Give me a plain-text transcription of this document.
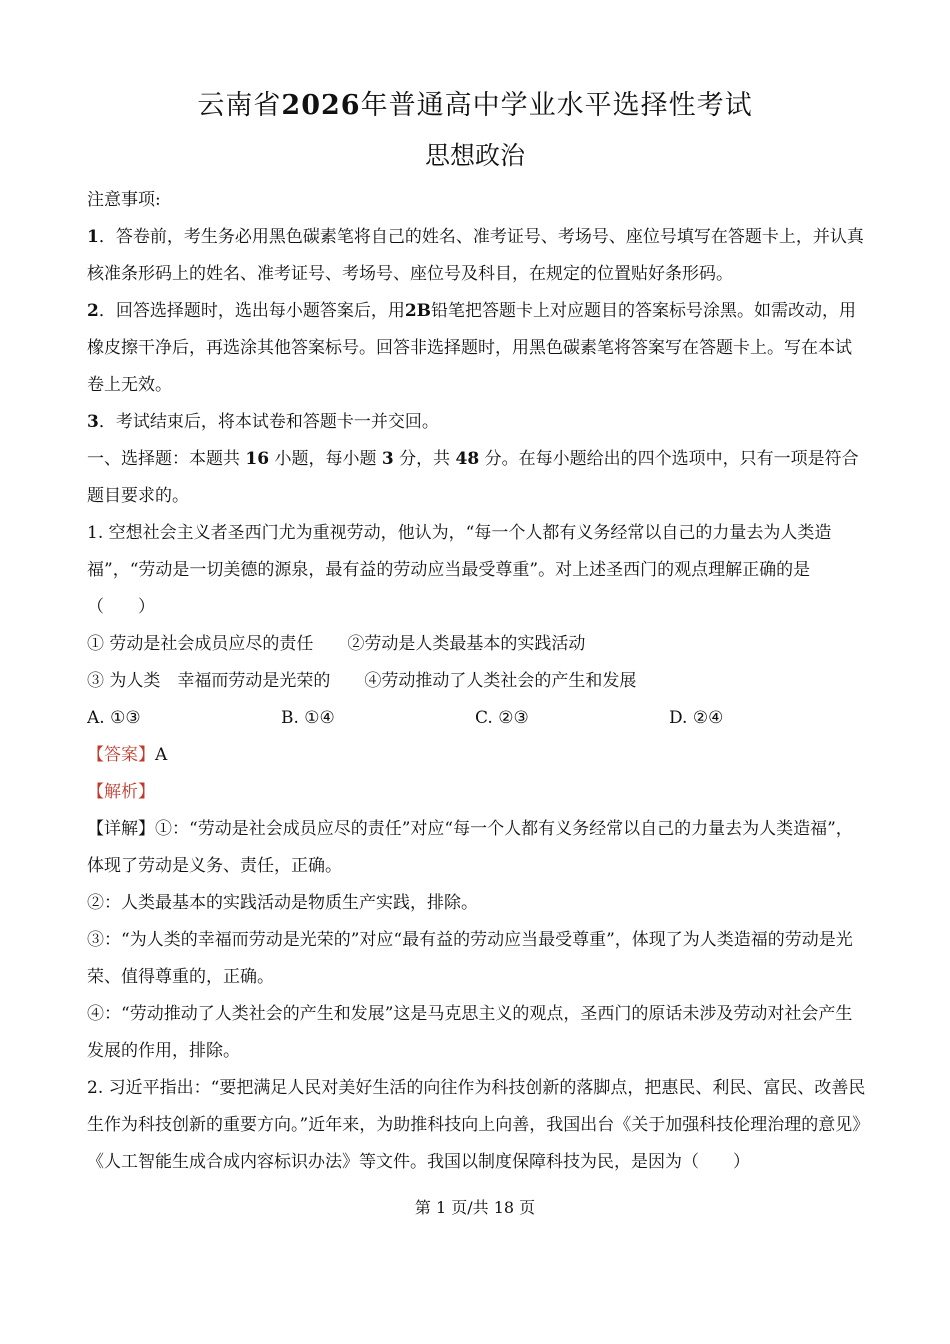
云南省2026年普通高中学业水平选择性考试
思想政治

注意事项:

1．答卷前，考生务必用黑色碳素笔将自己的姓名、准考证号、考场号、座位号填写在答题卡上，并认真核准条形码上的姓名、准考证号、考场号、座位号及科目，在规定的位置贴好条形码。

2．回答选择题时，选出每小题答案后，用2B铅笔把答题卡上对应题目的答案标号涂黑。如需改动，用橡皮擦干净后，再选涂其他答案标号。回答非选择题时，用黑色碳素笔将答案写在答题卡上。写在本试卷上无效。

3．考试结束后，将本试卷和答题卡一并交回。

一、选择题：本题共 16 小题，每小题 3 分，共 48 分。在每小题给出的四个选项中，只有一项是符合题目要求的。

1. 空想社会主义者圣西门尤为重视劳动，他认为，“每一个人都有义务经常以自己的力量去为人类造福”，“劳动是一切美德的源泉，最有益的劳动应当最受尊重”。对上述圣西门的观点理解正确的是（　　）

① 劳动是社会成员应尽的责任　　②劳动是人类最基本的实践活动

③ 为人类　幸福而劳动是光荣的　　④劳动推动了人类社会的产生和发展

A. ①③	B. ①④	C. ②③	D. ②④

【答案】A

【解析】

【详解】①：“劳动是社会成员应尽的责任”对应“每一个人都有义务经常以自己的力量去为人类造福”，体现了劳动是义务、责任，正确。

②：人类最基本的实践活动是物质生产实践，排除。

③：“为人类的幸福而劳动是光荣的”对应“最有益的劳动应当最受尊重”，体现了为人类造福的劳动是光荣、值得尊重的，正确。

④：“劳动推动了人类社会的产生和发展”这是马克思主义的观点，圣西门的原话未涉及劳动对社会产生发展的作用，排除。

2. 习近平指出：“要把满足人民对美好生活的向往作为科技创新的落脚点，把惠民、利民、富民、改善民生作为科技创新的重要方向。”近年来，为助推科技向上向善，我国出台《关于加强科技伦理治理的意见》《人工智能生成合成内容标识办法》等文件。我国以制度保障科技为民，是因为（　　）

第 1 页/共 18 页
